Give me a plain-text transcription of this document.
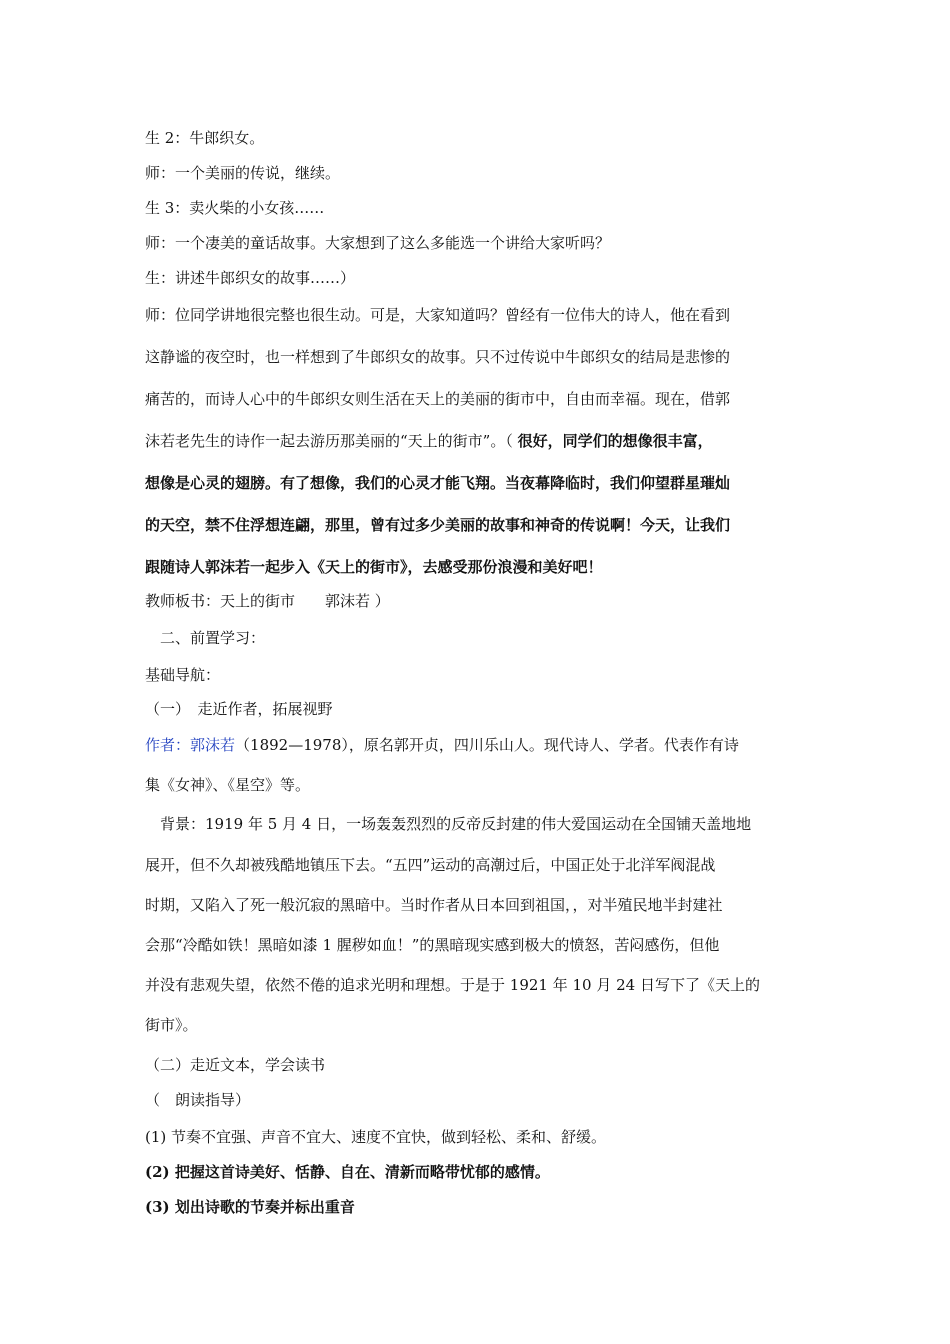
生 2：牛郎织女。
师：一个美丽的传说，继续。
生 3：卖火柴的小女孩……
师：一个凄美的童话故事。大家想到了这么多能选一个讲给大家听吗？
生：讲述牛郎织女的故事……）
师：位同学讲地很完整也很生动。可是，大家知道吗？曾经有一位伟大的诗人，他在看到
这静谧的夜空时，也一样想到了牛郎织女的故事。只不过传说中牛郎织女的结局是悲惨的
痛苦的，而诗人心中的牛郎织女则生活在天上的美丽的街市中，自由而幸福。现在，借郭
沫若老先生的诗作一起去游历那美丽的“天上的街市”。（ 很好，同学们的想像很丰富，
想像是心灵的翅膀。有了想像，我们的心灵才能飞翔。当夜幕降临时，我们仰望群星璀灿
的天空，禁不住浮想连翩，那里，曾有过多少美丽的故事和神奇的传说啊！今天，让我们
跟随诗人郭沫若一起步入《天上的街市》，去感受那份浪漫和美好吧！
教师板书：天上的街市　　郭沫若 ）
二、前置学习：
基础导航：
（一）　走近作者，拓展视野
作者：郭沫若（1892—1978），原名郭开贞，四川乐山人。现代诗人、学者。代表作有诗
集《女神》、《星空》等。
背景：1919 年 5 月 4 日，一场轰轰烈烈的反帝反封建的伟大爱国运动在全国铺天盖地地
展开，但不久却被残酷地镇压下去。“五四”运动的高潮过后，中国正处于北洋军阀混战
时期，又陷入了死一般沉寂的黑暗中。当时作者从日本回到祖国，，对半殖民地半封建社
会那“冷酷如铁！黑暗如漆 1 腥秽如血！”的黑暗现实感到极大的愤怒，苦闷感伤，但他
并没有悲观失望，依然不倦的追求光明和理想。于是于 1921 年 10 月 24 日写下了《天上的
街市》。
（二）走近文本，学会读书
（　朗读指导）
(1) 节奏不宜强、声音不宜大、速度不宜快，做到轻松、柔和、舒缓。
(2) 把握这首诗美好、恬静、自在、清新而略带忧郁的感情。
(3) 划出诗歌的节奏并标出重音
